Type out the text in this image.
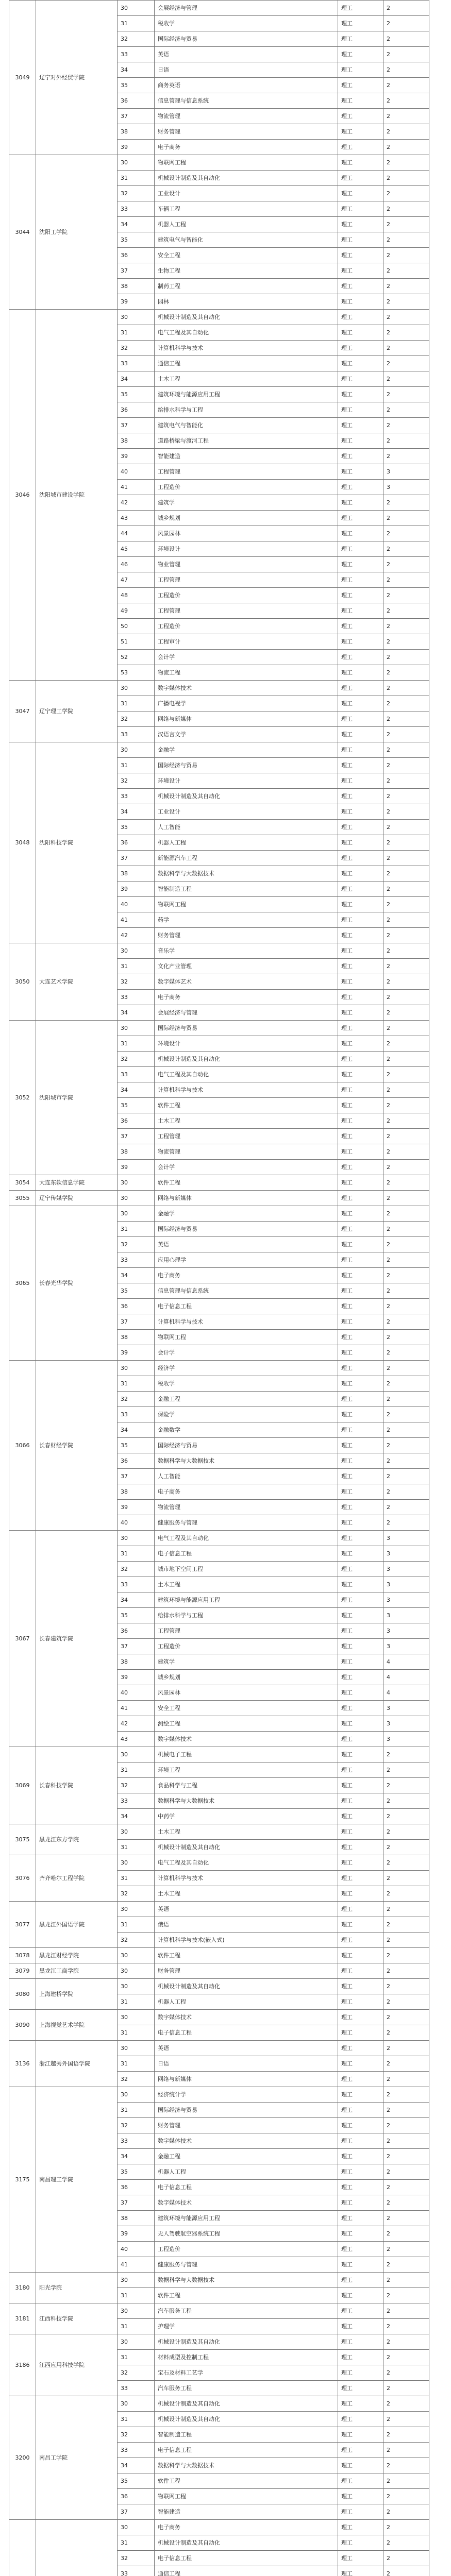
3049	辽宁对外经贸学院	30	会展经济与管理	理工	2
		31	税收学	理工	2
		32	国际经济与贸易	理工	2
		33	英语	理工	2
		34	日语	理工	2
		35	商务英语	理工	2
		36	信息管理与信息系统	理工	2
		37	物流管理	理工	2
		38	财务管理	理工	2
		39	电子商务	理工	2
3044	沈阳工学院	30	物联网工程	理工	2
		31	机械设计制造及其自动化	理工	2
		32	工业设计	理工	2
		33	车辆工程	理工	2
		34	机器人工程	理工	2
		35	建筑电气与智能化	理工	2
		36	安全工程	理工	2
		37	生物工程	理工	2
		38	制药工程	理工	2
		39	园林	理工	2
3046	沈阳城市建设学院	30	机械设计制造及其自动化	理工	2
		31	电气工程及其自动化	理工	2
		32	计算机科学与技术	理工	2
		33	通信工程	理工	2
		34	土木工程	理工	2
		35	建筑环境与能源应用工程	理工	2
		36	给排水科学与工程	理工	2
		37	建筑电气与智能化	理工	2
		38	道路桥梁与渡河工程	理工	2
		39	智能建造	理工	2
		40	工程管理	理工	3
		41	工程造价	理工	3
		42	建筑学	理工	2
		43	城乡规划	理工	2
		44	风景园林	理工	2
		45	环境设计	理工	2
		46	物业管理	理工	2
		47	工程管理	理工	2
		48	工程造价	理工	2
		49	工程管理	理工	2
		50	工程造价	理工	2
		51	工程审计	理工	2
		52	会计学	理工	2
		53	物流工程	理工	2
3047	辽宁理工学院	30	数字媒体技术	理工	2
		31	广播电视学	理工	2
		32	网络与新媒体	理工	2
		33	汉语言文学	理工	2
3048	沈阳科技学院	30	金融学	理工	2
		31	国际经济与贸易	理工	2
		32	环境设计	理工	2
		33	机械设计制造及其自动化	理工	2
		34	工业设计	理工	2
		35	人工智能	理工	2
		36	机器人工程	理工	2
		37	新能源汽车工程	理工	2
		38	数据科学与大数据技术	理工	2
		39	智能制造工程	理工	2
		40	物联网工程	理工	2
		41	药学	理工	2
		42	财务管理	理工	2
3050	大连艺术学院	30	音乐学	理工	2
		31	文化产业管理	理工	2
		32	数字媒体艺术	理工	2
		33	电子商务	理工	2
		34	会展经济与管理	理工	2
3052	沈阳城市学院	30	国际经济与贸易	理工	2
		31	环境设计	理工	2
		32	机械设计制造及其自动化	理工	2
		33	电气工程及其自动化	理工	2
		34	计算机科学与技术	理工	2
		35	软件工程	理工	2
		36	土木工程	理工	2
		37	工程管理	理工	2
		38	物流管理	理工	2
		39	会计学	理工	2
3054	大连东软信息学院	30	软件工程	理工	2
3055	辽宁传媒学院	30	网络与新媒体	理工	2
3065	长春光华学院	30	金融学	理工	2
		31	国际经济与贸易	理工	2
		32	英语	理工	2
		33	应用心理学	理工	2
		34	电子商务	理工	2
		35	信息管理与信息系统	理工	2
		36	电子信息工程	理工	2
		37	计算机科学与技术	理工	2
		38	物联网工程	理工	2
		39	会计学	理工	2
3066	长春财经学院	30	经济学	理工	2
		31	税收学	理工	2
		32	金融工程	理工	2
		33	保险学	理工	2
		34	金融数学	理工	2
		35	国际经济与贸易	理工	2
		36	数据科学与大数据技术	理工	2
		37	人工智能	理工	2
		38	电子商务	理工	2
		39	物流管理	理工	2
		40	健康服务与管理	理工	2
3067	长春建筑学院	30	电气工程及其自动化	理工	3
		31	电子信息工程	理工	3
		32	城市地下空间工程	理工	3
		33	土木工程	理工	3
		34	建筑环境与能源应用工程	理工	3
		35	给排水科学与工程	理工	3
		36	工程管理	理工	3
		37	工程造价	理工	3
		38	建筑学	理工	4
		39	城乡规划	理工	4
		40	风景园林	理工	4
		41	安全工程	理工	3
		42	测绘工程	理工	3
		43	数字媒体技术	理工	3
3069	长春科技学院	30	机械电子工程	理工	2
		31	环境工程	理工	2
		32	食品科学与工程	理工	2
		33	数据科学与大数据技术	理工	2
		34	中药学	理工	2
3075	黑龙江东方学院	30	土木工程	理工	2
		31	机械设计制造及其自动化	理工	2
3076	齐齐哈尔工程学院	30	电气工程及其自动化	理工	2
		31	计算机科学与技术	理工	2
		32	土木工程	理工	2
3077	黑龙江外国语学院	30	英语	理工	2
		31	俄语	理工	2
		32	计算机科学与技术(嵌入式)	理工	2
3078	黑龙江财经学院	30	软件工程	理工	2
3079	黑龙江工商学院	30	财务管理	理工	2
3080	上海建桥学院	30	机械设计制造及其自动化	理工	2
		31	机器人工程	理工	2
3090	上海视觉艺术学院	30	数字媒体技术	理工	2
		31	电子信息工程	理工	2
3136	浙江越秀外国语学院	30	英语	理工	2
		31	日语	理工	2
		32	网络与新媒体	理工	2
3175	南昌理工学院	30	经济统计学	理工	2
		31	国际经济与贸易	理工	2
		32	财务管理	理工	2
		33	数字媒体技术	理工	2
		34	金融工程	理工	2
		35	机器人工程	理工	2
		36	电子信息工程	理工	2
		37	数字媒体技术	理工	2
		38	建筑环境与能源应用工程	理工	2
		39	无人驾驶航空器系统工程	理工	2
		40	工程造价	理工	2
		41	健康服务与管理	理工	2
3180	阳光学院	30	数据科学与大数据技术	理工	2
		31	软件工程	理工	2
3181	江西科技学院	30	汽车服务工程	理工	2
		31	护理学	理工	2
3186	江西应用科技学院	30	机械设计制造及其自动化	理工	2
		31	材料成型及控制工程	理工	2
		32	宝石及材料工艺学	理工	2
		33	汽车服务工程	理工	2
3200	南昌工学院	30	机械设计制造及其自动化	理工	2
		31	机械设计制造及其自动化	理工	2
		32	智能制造工程	理工	2
		33	电子信息工程	理工	2
		34	数据科学与大数据技术	理工	2
		35	软件工程	理工	2
		36	物联网工程	理工	2
		37	智能建造	理工	2
		30	电子商务	理工	2
		31	机械设计制造及其自动化	理工	2
		32	电子信息工程	理工	2
		33	通信工程	理工	2
